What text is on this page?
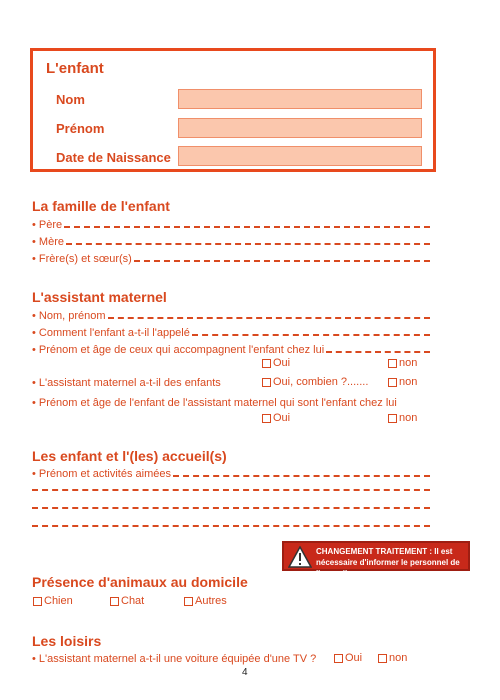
L'enfant
Nom
Prénom
Date de Naissance
La famille de l'enfant
• Père
• Mère
• Frère(s) et sœur(s)
L'assistant maternel
• Nom, prénom
• Comment l'enfant a-t-il l'appelé
• Prénom et âge de ceux qui accompagnent l'enfant chez lui
Oui	non
• L'assistant maternel a-t-il des enfants	Oui, combien ?.......	non
• Prénom et âge de l'enfant de l'assistant maternel qui sont l'enfant chez lui
Oui	non
Les enfant et l'(les) accueil(s)
• Prénom et activités aimées
CHANGEMENT TRAITEMENT : Il est nécessaire d'informer le personnel de l'accueil
Présence d'animaux au domicile
Chien	Chat	Autres
Les loisirs
• L'assistant maternel a-t-il une voiture équipée d'une TV ?	Oui	non
4
